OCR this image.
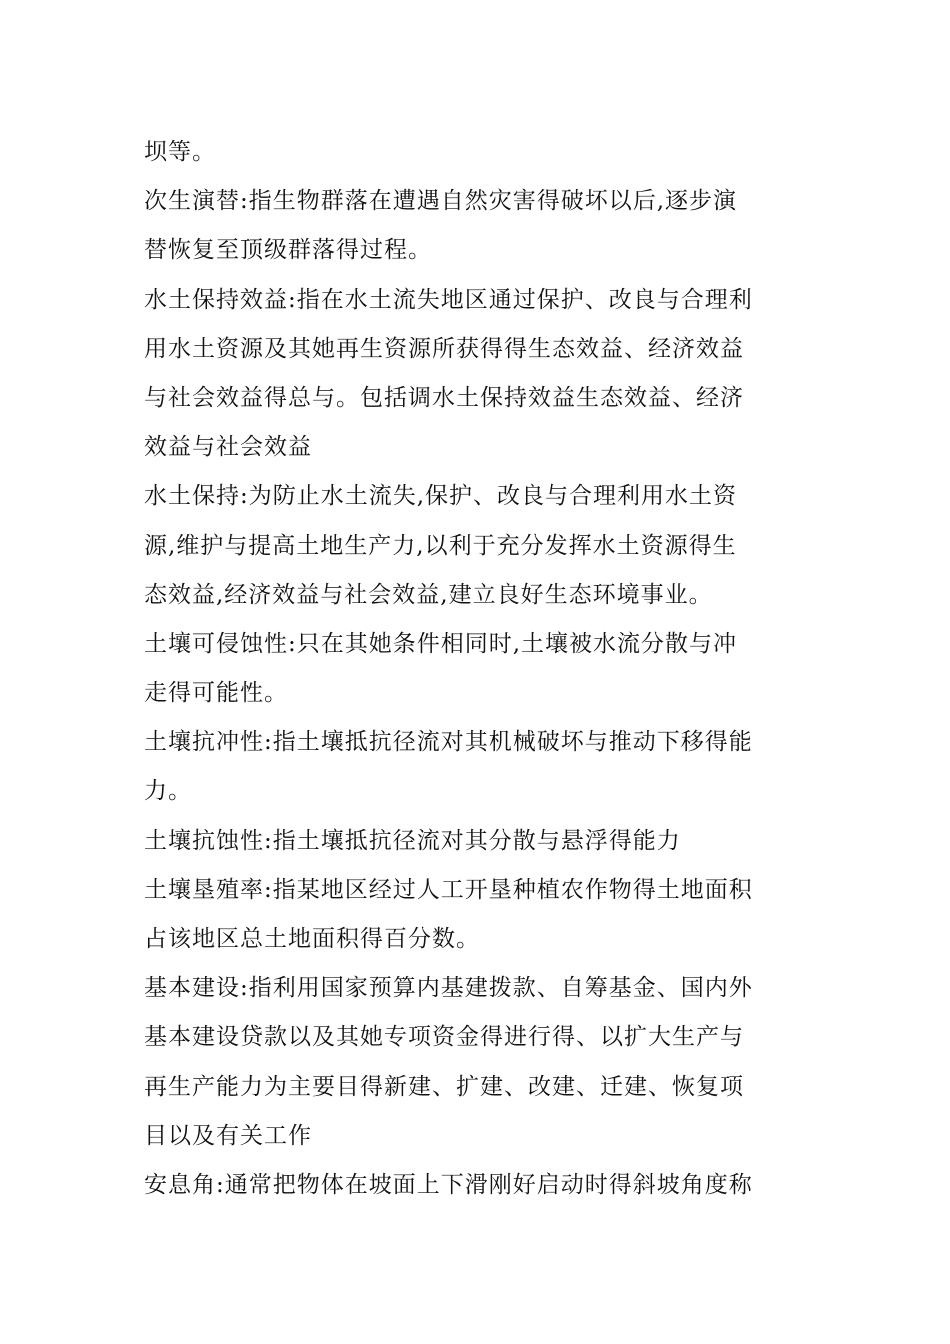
坝等。
次生演替:指生物群落在遭遇自然灾害得破坏以后,逐步演
替恢复至顶级群落得过程。
水土保持效益:指在水土流失地区通过保护、改良与合理利
用水土资源及其她再生资源所获得得生态效益、经济效益
与社会效益得总与。包括调水土保持效益生态效益、经济
效益与社会效益
水土保持:为防止水土流失,保护、改良与合理利用水土资
源,维护与提高土地生产力,以利于充分发挥水土资源得生
态效益,经济效益与社会效益,建立良好生态环境事业。
土壤可侵蚀性:只在其她条件相同时,土壤被水流分散与冲
走得可能性。
土壤抗冲性:指土壤抵抗径流对其机械破坏与推动下移得能
力。
土壤抗蚀性:指土壤抵抗径流对其分散与悬浮得能力
土壤垦殖率:指某地区经过人工开垦种植农作物得土地面积
占该地区总土地面积得百分数。
基本建设:指利用国家预算内基建拨款、自筹基金、国内外
基本建设贷款以及其她专项资金得进行得、以扩大生产与
再生产能力为主要目得新建、扩建、改建、迁建、恢复项
目以及有关工作
安息角:通常把物体在坡面上下滑刚好启动时得斜坡角度称
